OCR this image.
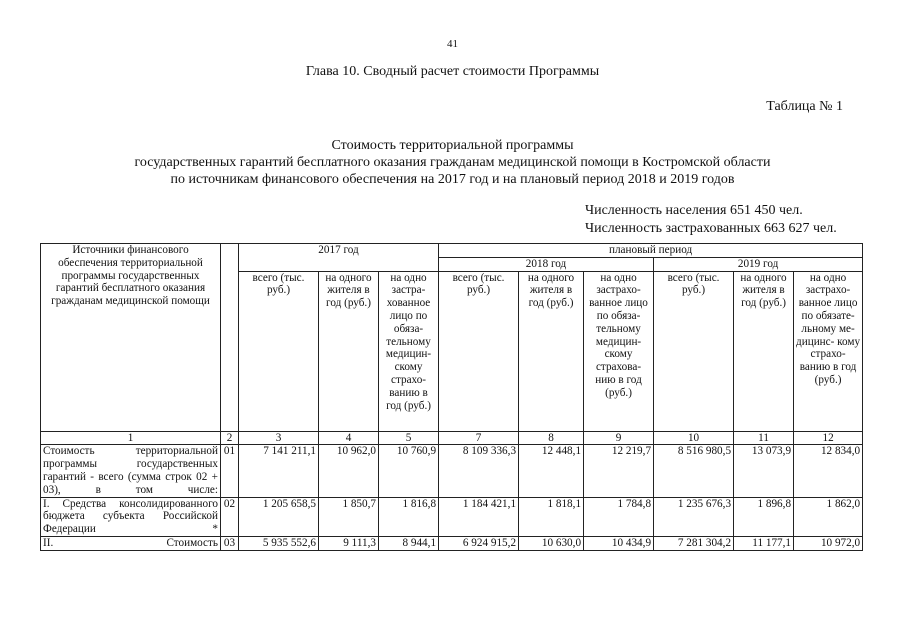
41
Глава 10. Сводный расчет стоимости Программы
Таблица № 1
Стоимость территориальной программы
государственных гарантий бесплатного оказания гражданам медицинской помощи в Костромской области
по источникам финансового обеспечения на 2017 год и на плановый период 2018 и 2019 годов
Численность населения 651 450 чел.
Численность застрахованных 663 627 чел.
Источники финансового обеспечения территориальной программы государственных гарантий бесплатного оказания гражданам медицинской помощи		2017 год			плановый период					
					2018 год			2019 год		
		всего (тыс. руб.)	на одного жителя в год (руб.)	на одно застра- хованное лицо по обяза- тельному медицин- скому страхо- ванию в год (руб.)	всего (тыс. руб.)	на одного жителя в год (руб.)	на одно застрахо- ванное лицо по обяза- тельному медицин- скому страхова- нию в год (руб.)	всего (тыс. руб.)	на одного жителя в год (руб.)	на одно застрахо- ванное лицо по обязате- льному ме- дицинс- кому страхо- ванию в год (руб.)
1	2	3	4	5	7	8	9	10	11	12
Стоимость территориальной программы государственных гарантий - всего (сумма строк 02 + 03), в том числе:	01	7 141 211,1	10 962,0	10 760,9	8 109 336,3	12 448,1	12 219,7	8 516 980,5	13 073,9	12 834,0
I. Средства консолидированного бюджета субъекта Российской Федерации *	02	1 205 658,5	1 850,7	1 816,8	1 184 421,1	1 818,1	1 784,8	1 235 676,3	1 896,8	1 862,0
II. Стоимость	03	5 935 552,6	9 111,3	8 944,1	6 924 915,2	10 630,0	10 434,9	7 281 304,2	11 177,1	10 972,0
